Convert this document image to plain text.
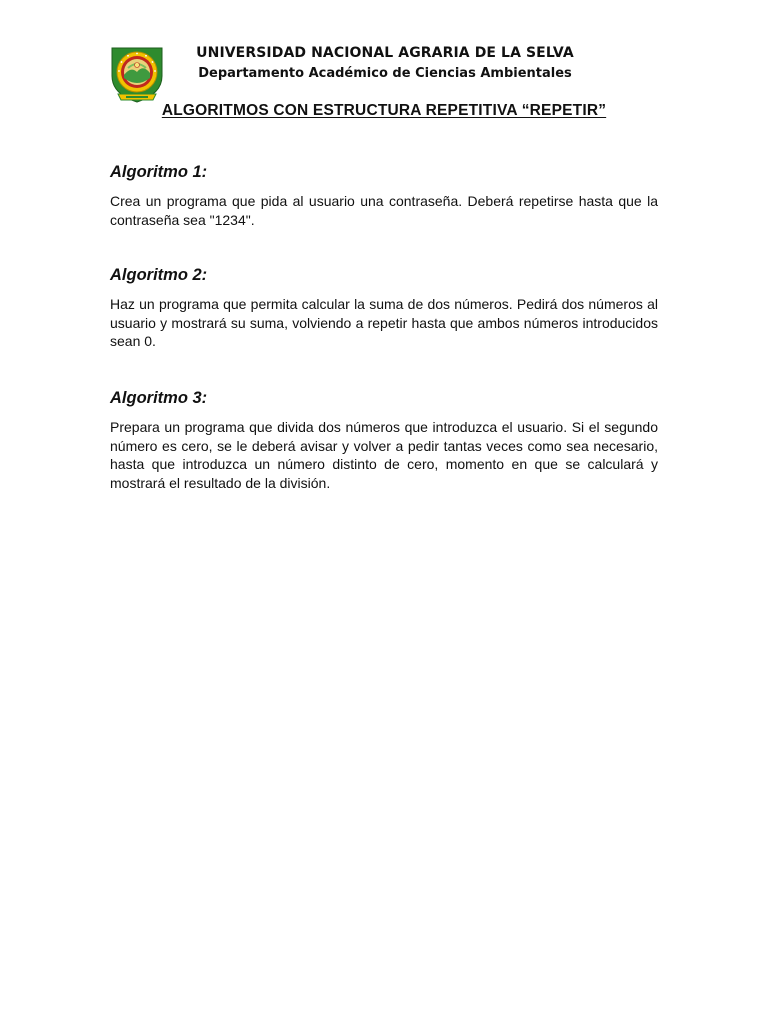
UNIVERSIDAD NACIONAL AGRARIA DE LA SELVA
Departamento Académico de Ciencias Ambientales
ALGORITMOS CON ESTRUCTURA REPETITIVA “REPETIR”
Algoritmo 1:

Crea un programa que pida al usuario una contraseña. Deberá repetirse hasta que la contraseña sea "1234".

Algoritmo 2:

Haz un programa que permita calcular la suma de dos números. Pedirá dos números al usuario y mostrará su suma, volviendo a repetir hasta que ambos números introducidos sean 0.

Algoritmo 3:

Prepara un programa que divida dos números que introduzca el usuario. Si el segundo número es cero, se le deberá avisar y volver a pedir tantas veces como sea necesario, hasta que introduzca un número distinto de cero, momento en que se calculará y mostrará el resultado de la división.
